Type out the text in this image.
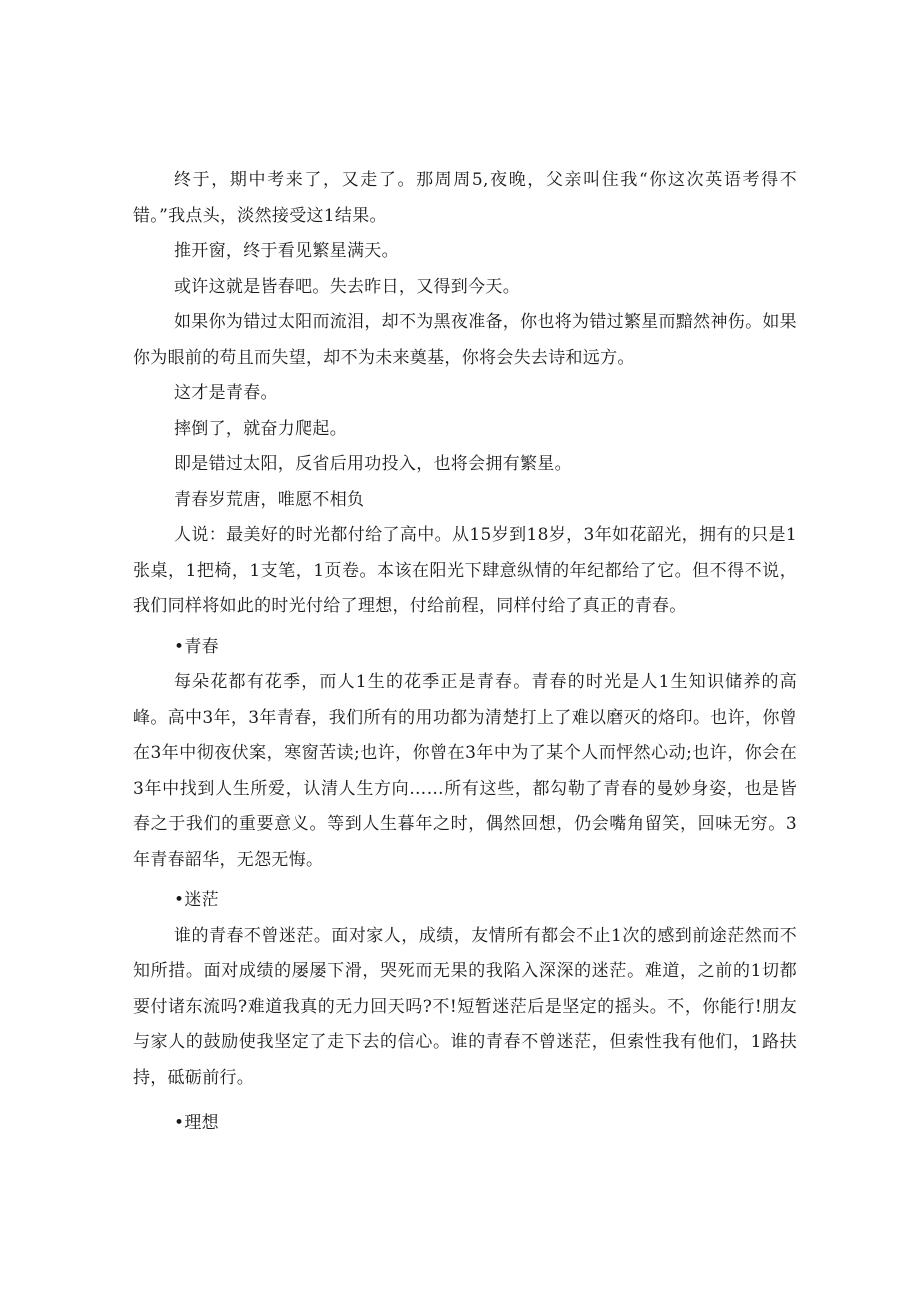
终于，期中考来了，又走了。那周周5,夜晚，父亲叫住我“你这次英语考得不错。”我点头，淡然接受这1结果。

推开窗，终于看见繁星满天。

或许这就是皆春吧。失去昨日，又得到今天。

如果你为错过太阳而流泪，却不为黑夜准备，你也将为错过繁星而黯然神伤。如果你为眼前的苟且而失望，却不为未来奠基，你将会失去诗和远方。

这才是青春。

摔倒了，就奋力爬起。

即是错过太阳，反省后用功投入，也将会拥有繁星。

青春岁荒唐，唯愿不相负

人说：最美好的时光都付给了高中。从15岁到18岁，3年如花韶光，拥有的只是1张桌，1把椅，1支笔，1页卷。本该在阳光下肆意纵情的年纪都给了它。但不得不说，我们同样将如此的时光付给了理想，付给前程，同样付给了真正的青春。

•青春

每朵花都有花季，而人1生的花季正是青春。青春的时光是人1生知识储养的高峰。高中3年，3年青春，我们所有的用功都为清楚打上了难以磨灭的烙印。也许，你曾在3年中彻夜伏案，寒窗苦读;也许，你曾在3年中为了某个人而怦然心动;也许，你会在3年中找到人生所爱，认清人生方向……所有这些，都勾勒了青春的曼妙身姿，也是皆春之于我们的重要意义。等到人生暮年之时，偶然回想，仍会嘴角留笑，回味无穷。3年青春韶华，无怨无悔。

•迷茫

谁的青春不曾迷茫。面对家人，成绩，友情所有都会不止1次的感到前途茫然而不知所措。面对成绩的屡屡下滑，哭死而无果的我陷入深深的迷茫。难道，之前的1切都要付诸东流吗?难道我真的无力回天吗?不!短暂迷茫后是坚定的摇头。不，你能行!朋友与家人的鼓励使我坚定了走下去的信心。谁的青春不曾迷茫，但索性我有他们，1路扶持，砥砺前行。

•理想
